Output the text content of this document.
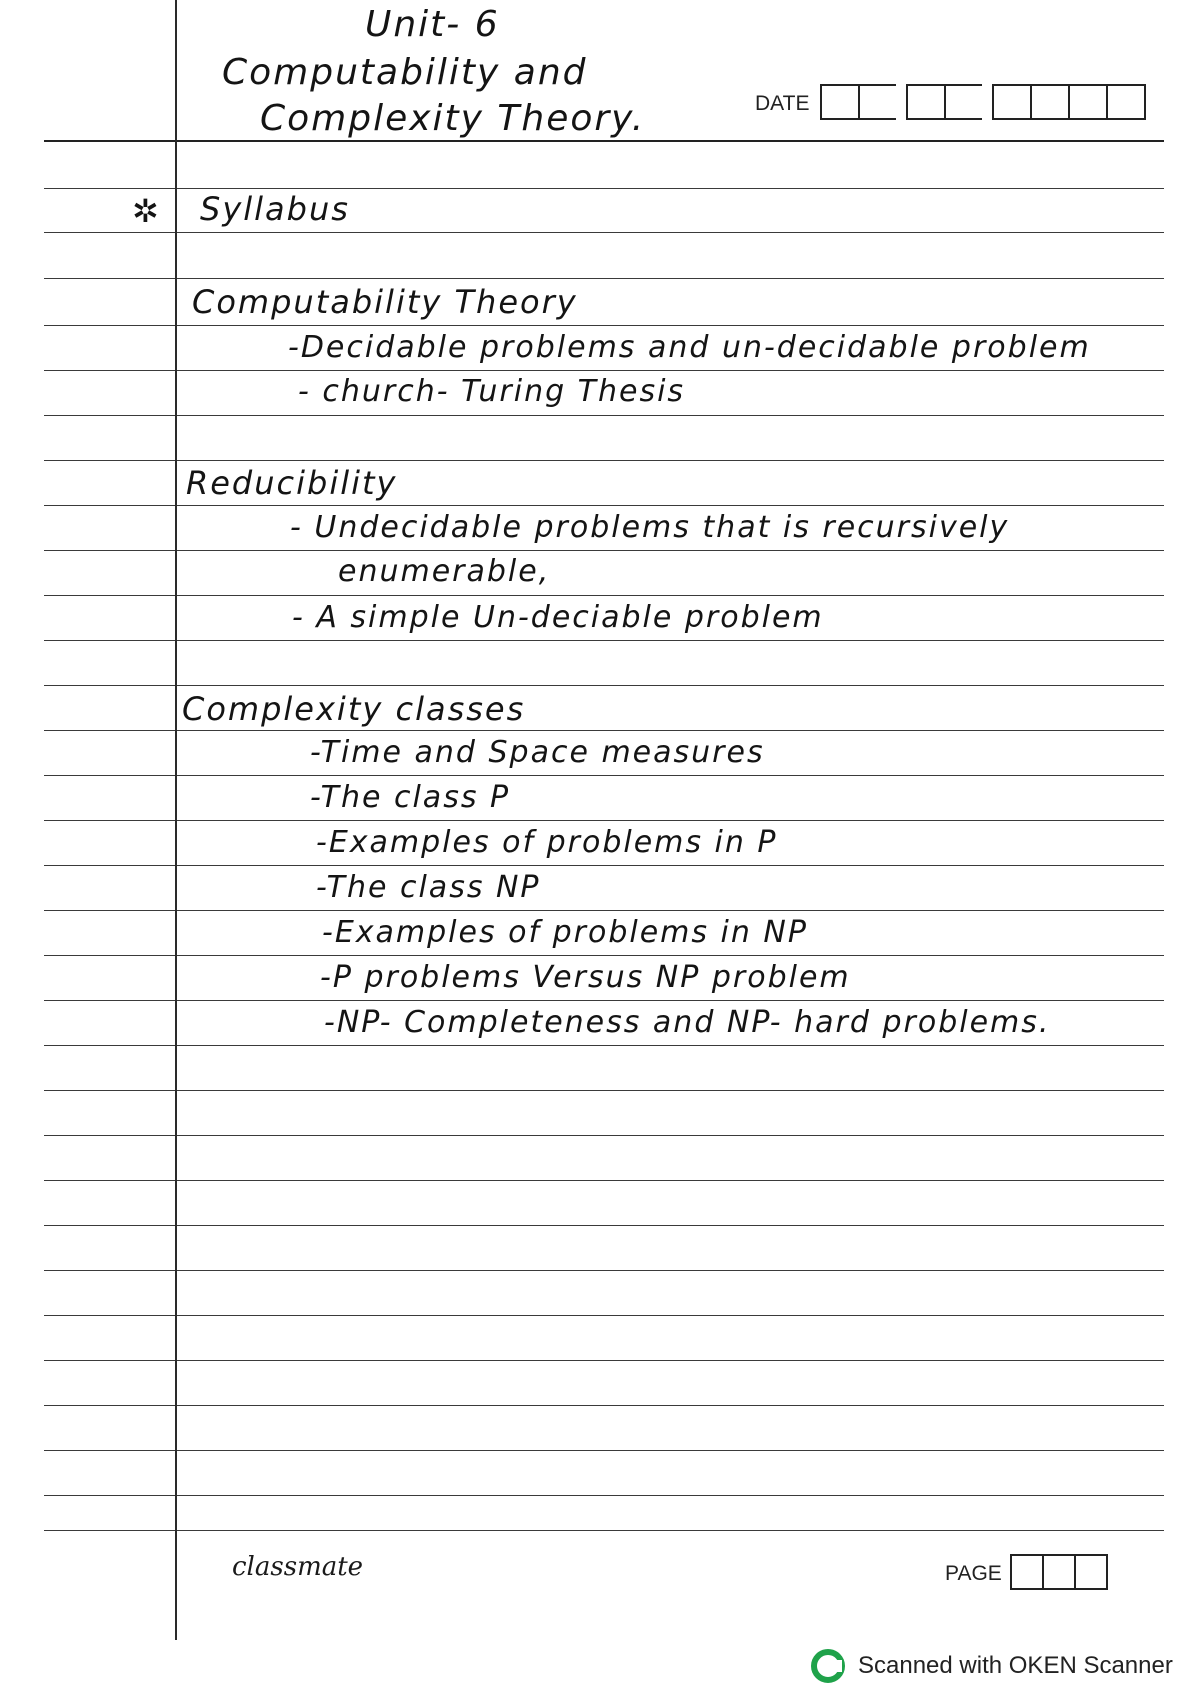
Unit- 6
Computability and
Complexity Theory.	DATE
✲ Syllabus
Computability Theory
-Decidable problems and un-decidable problem
- church- Turing Thesis
Reducibility
- Undecidable problems that is recursively
enumerable,
- A simple Un-deciable problem
Complexity classes
-Time and Space measures
-The class P
-Examples of problems in P
-The class NP
-Examples of problems in NP
-P problems Versus NP problem
-NP- Completeness and NP- hard problems.
classmate	PAGE
Scanned with OKEN Scanner
